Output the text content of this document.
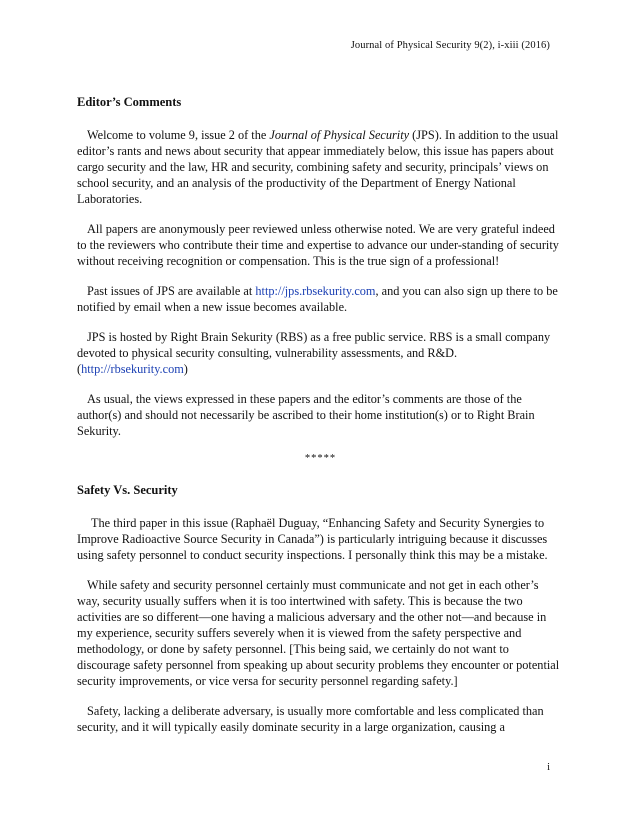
Journal of Physical Security 9(2), i-xiii (2016)
Editor’s Comments

Welcome to volume 9, issue 2 of the Journal of Physical Security (JPS). In addition to the usual editor’s rants and news about security that appear immediately below, this issue has papers about cargo security and the law, HR and security, combining safety and security, principals’ views on school security, and an analysis of the productivity of the Department of Energy National Laboratories.

All papers are anonymously peer reviewed unless otherwise noted. We are very grateful indeed to the reviewers who contribute their time and expertise to advance our under-standing of security without receiving recognition or compensation. This is the true sign of a professional!

Past issues of JPS are available at http://jps.rbsekurity.com, and you can also sign up there to be notified by email when a new issue becomes available.

JPS is hosted by Right Brain Sekurity (RBS) as a free public service. RBS is a small company devoted to physical security consulting, vulnerability assessments, and R&D. (http://rbsekurity.com)

As usual, the views expressed in these papers and the editor’s comments are those of the author(s) and should not necessarily be ascribed to their home institution(s) or to Right Brain Sekurity.

*****
Safety Vs. Security

The third paper in this issue (Raphaël Duguay, “Enhancing Safety and Security Synergies to Improve Radioactive Source Security in Canada”) is particularly intriguing because it discusses using safety personnel to conduct security inspections. I personally think this may be a mistake.

While safety and security personnel certainly must communicate and not get in each other’s way, security usually suffers when it is too intertwined with safety. This is because the two activities are so different—one having a malicious adversary and the other not—and because in my experience, security suffers severely when it is viewed from the safety perspective and methodology, or done by safety personnel. [This being said, we certainly do not want to discourage safety personnel from speaking up about security problems they encounter or potential security improvements, or vice versa for security personnel regarding safety.]

Safety, lacking a deliberate adversary, is usually more comfortable and less complicated than security, and it will typically easily dominate security in a large organization, causing a

i
